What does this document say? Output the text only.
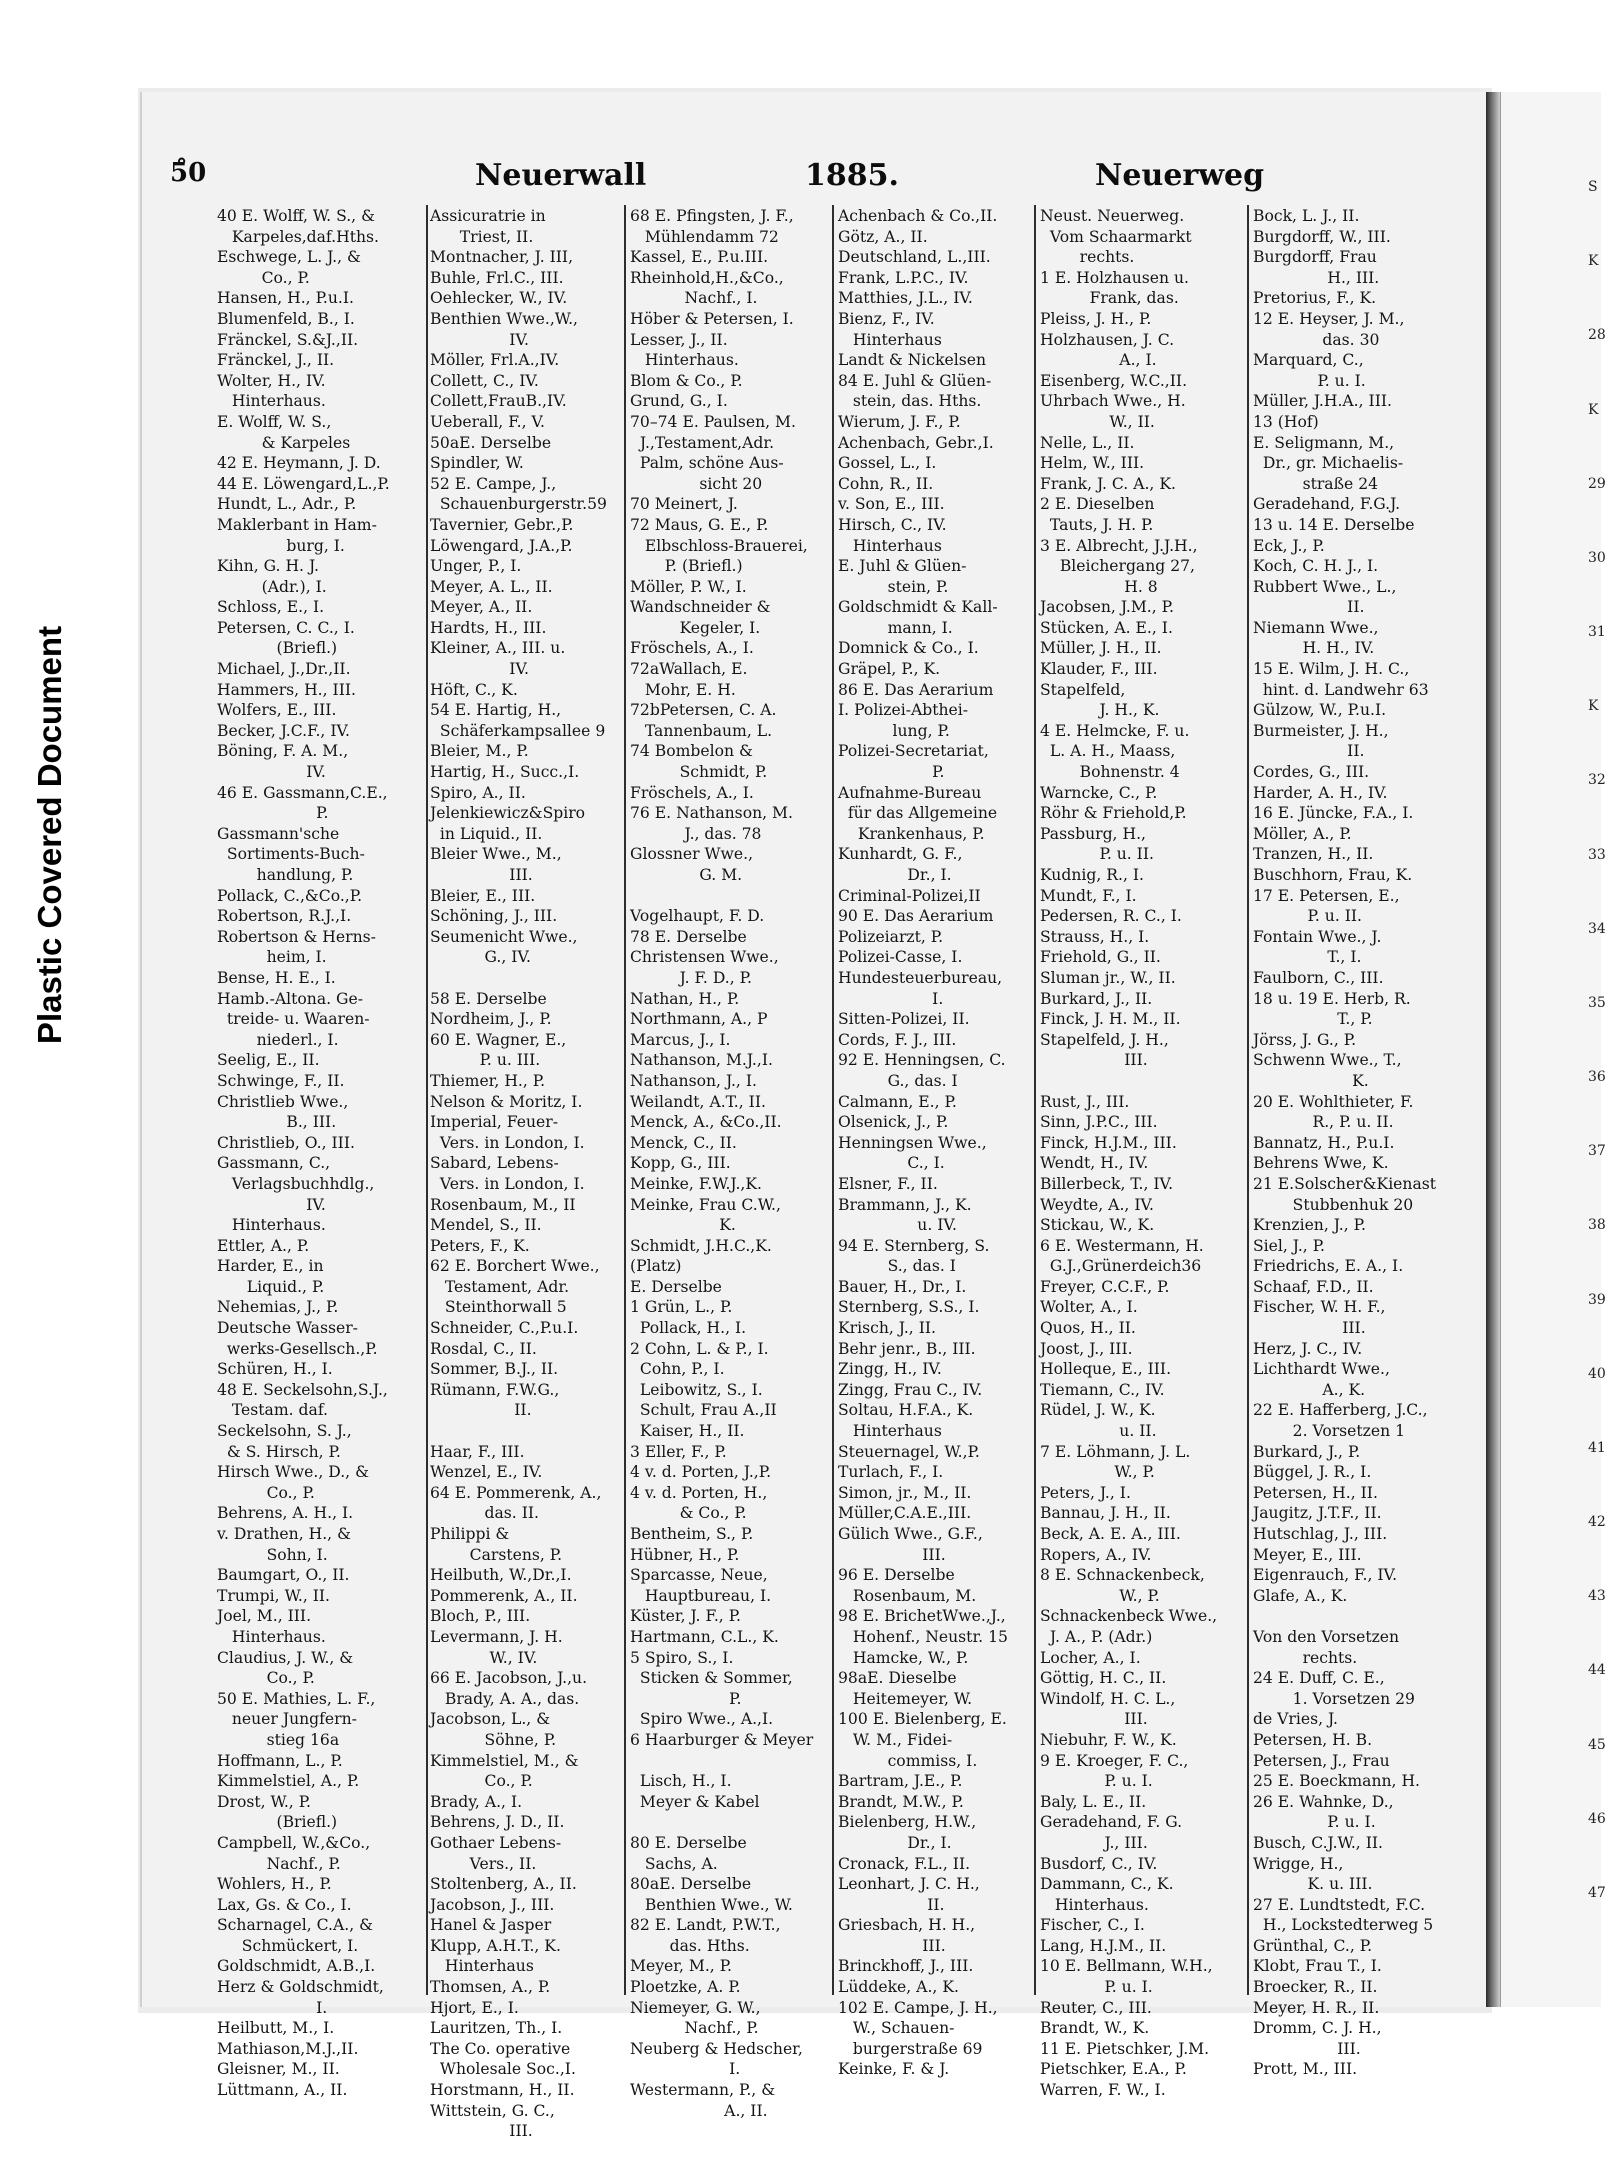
Plastic Covered Document
S
K
28
K
29
30
31
K
32
33
34
35
36
37
38
39
40
41
42
43
44
45
46
47
5̊0	Neuerwall	1885.	Neuerweg
40 E. Wolff, W. S., &
Karpeles,daf.Hths.
Eschwege, L. J., &
Co., P.
Hansen, H., P.u.I.
Blumenfeld, B., I.
Fränckel, S.&J.,II.
Fränckel, J., II.
Wolter, H., IV.
Hinterhaus.
E. Wolff, W. S.,
& Karpeles
42 E. Heymann, J. D.
44 E. Löwengard,L.,P.
Hundt, L., Adr., P.
Maklerbant in Ham-
burg, I.
Kihn, G. H. J.
(Adr.), I.
Schloss, E., I.
Petersen, C. C., I.
(Briefl.)
Michael, J.,Dr.,II.
Hammers, H., III.
Wolfers, E., III.
Becker, J.C.F., IV.
Böning, F. A. M.,
IV.
46 E. Gassmann,C.E.,
P.
Gassmann'sche
Sortiments-Buch-
handlung, P.
Pollack, C.,&Co.,P.
Robertson, R.J.,I.
Robertson & Herns-
heim, I.
Bense, H. E., I.
Hamb.-Altona. Ge-
treide- u. Waaren-
niederl., I.
Seelig, E., II.
Schwinge, F., II.
Christlieb Wwe.,
B., III.
Christlieb, O., III.
Gassmann, C.,
Verlagsbuchhdlg.,
IV.
Hinterhaus.
Ettler, A., P.
Harder, E., in
Liquid., P.
Nehemias, J., P.
Deutsche Wasser-
werks-Gesellsch.,P.
Schüren, H., I.
48 E. Seckelsohn,S.J.,
Testam. daf.
Seckelsohn, S. J.,
& S. Hirsch, P.
Hirsch Wwe., D., &
Co., P.
Behrens, A. H., I.
v. Drathen, H., &
Sohn, I.
Baumgart, O., II.
Trumpi, W., II.
Joel, M., III.
Hinterhaus.
Claudius, J. W., &
Co., P.
50 E. Mathies, L. F.,
neuer Jungfern-
stieg 16a
Hoffmann, L., P.
Kimmelstiel, A., P.
Drost, W., P.
(Briefl.)
Campbell, W.,&Co.,
Nachf., P.
Wohlers, H., P.
Lax, Gs. & Co., I.
Scharnagel, C.A., &
Schmückert, I.
Goldschmidt, A.B.,I.
Herz & Goldschmidt,
I.
Heilbutt, M., I.
Mathiason,M.J.,II.
Gleisner, M., II.
Lüttmann, A., II.
Assicuratrie in
Triest, II.
Montnacher, J. III,
Buhle, Frl.C., III.
Oehlecker, W., IV.
Benthien Wwe.,W.,
IV.
Möller, Frl.A.,IV.
Collett, C., IV.
Collett,FrauB.,IV.
Ueberall, F., V.
50aE. Derselbe
Spindler, W.
52 E. Campe, J.,
Schauenburgerstr.59
Tavernier, Gebr.,P.
Löwengard, J.A.,P.
Unger, P., I.
Meyer, A. L., II.
Meyer, A., II.
Hardts, H., III.
Kleiner, A., III. u.
IV.
Höft, C., K.
54 E. Hartig, H.,
Schäferkampsallee 9
Bleier, M., P.
Hartig, H., Succ.,I.
Spiro, A., II.
Jelenkiewicz&Spiro
in Liquid., II.
Bleier Wwe., M.,
III.
Bleier, E., III.
Schöning, J., III.
Seumenicht Wwe.,
G., IV.
58 E. Derselbe
Nordheim, J., P.
60 E. Wagner, E.,
P. u. III.
Thiemer, H., P.
Nelson & Moritz, I.
Imperial, Feuer-
Vers. in London, I.
Sabard, Lebens-
Vers. in London, I.
Rosenbaum, M., II
Mendel, S., II.
Peters, F., K.
62 E. Borchert Wwe.,
Testament, Adr.
Steinthorwall 5
Schneider, C.,P.u.I.
Rosdal, C., II.
Sommer, B.J., II.
Rümann, F.W.G.,
II.
Haar, F., III.
Wenzel, E., IV.
64 E. Pommerenk, A.,
das. II.
Philippi &
Carstens, P.
Heilbuth, W.,Dr.,I.
Pommerenk, A., II.
Bloch, P., III.
Levermann, J. H.
W., IV.
66 E. Jacobson, J.,u.
Brady, A. A., das.
Jacobson, L., &
Söhne, P.
Kimmelstiel, M., &
Co., P.
Brady, A., I.
Behrens, J. D., II.
Gothaer Lebens-
Vers., II.
Stoltenberg, A., II.
Jacobson, J., III.
Hanel & Jasper
Klupp, A.H.T., K.
Hinterhaus
Thomsen, A., P.
Hjort, E., I.
Lauritzen, Th., I.
The Co. operative
Wholesale Soc.,I.
Horstmann, H., II.
Wittstein, G. C.,
III.
68 E. Pfingsten, J. F.,
Mühlendamm 72
Kassel, E., P.u.III.
Rheinhold,H.,&Co.,
Nachf., I.
Höber & Petersen, I.
Lesser, J., II.
Hinterhaus.
Blom & Co., P.
Grund, G., I.
70–74 E. Paulsen, M.
J.,Testament,Adr.
Palm, schöne Aus-
sicht 20
70 Meinert, J.
72 Maus, G. E., P.
Elbschloss-Brauerei,
P. (Briefl.)
Möller, P. W., I.
Wandschneider &
Kegeler, I.
Fröschels, A., I.
72aWallach, E.
Mohr, E. H.
72bPetersen, C. A.
Tannenbaum, L.
74 Bombelon &
Schmidt, P.
Fröschels, A., I.
76 E. Nathanson, M.
J., das. 78
Glossner Wwe.,
G. M.
Vogelhaupt, F. D.
78 E. Derselbe
Christensen Wwe.,
J. F. D., P.
Nathan, H., P.
Northmann, A., P
Marcus, J., I.
Nathanson, M.J.,I.
Nathanson, J., I.
Weilandt, A.T., II.
Menck, A., &Co.,II.
Menck, C., II.
Kopp, G., III.
Meinke, F.W.J.,K.
Meinke, Frau C.W.,
K.
Schmidt, J.H.C.,K.
(Platz)
E. Derselbe
1 Grün, L., P.
Pollack, H., I.
2 Cohn, L. & P., I.
Cohn, P., I.
Leibowitz, S., I.
Schult, Frau A.,II
Kaiser, H., II.
3 Eller, F., P.
4 v. d. Porten, J.,P.
4 v. d. Porten, H.,
& Co., P.
Bentheim, S., P.
Hübner, H., P.
Sparcasse, Neue,
Hauptbureau, I.
Küster, J. F., P.
Hartmann, C.L., K.
5 Spiro, S., I.
Sticken & Sommer,
P.
Spiro Wwe., A.,I.
6 Haarburger & Meyer
Lisch, H., I.
Meyer & Kabel
80 E. Derselbe
Sachs, A.
80aE. Derselbe
Benthien Wwe., W.
82 E. Landt, P.W.T.,
das. Hths.
Meyer, M., P.
Ploetzke, A. P.
Niemeyer, G. W.,
Nachf., P.
Neuberg & Hedscher,
I.
Westermann, P., &
A., II.
Achenbach & Co.,II.
Götz, A., II.
Deutschland, L.,III.
Frank, L.P.C., IV.
Matthies, J.L., IV.
Bienz, F., IV.
Hinterhaus
Landt & Nickelsen
84 E. Juhl & Glüen-
stein, das. Hths.
Wierum, J. F., P.
Achenbach, Gebr.,I.
Gossel, L., I.
Cohn, R., II.
v. Son, E., III.
Hirsch, C., IV.
Hinterhaus
E. Juhl & Glüen-
stein, P.
Goldschmidt & Kall-
mann, I.
Domnick & Co., I.
Gräpel, P., K.
86 E. Das Aerarium
I. Polizei-Abthei-
lung, P.
Polizei-Secretariat,
P.
Aufnahme-Bureau
für das Allgemeine
Krankenhaus, P.
Kunhardt, G. F.,
Dr., I.
Criminal-Polizei,II
90 E. Das Aerarium
Polizeiarzt, P.
Polizei-Casse, I.
Hundesteuerbureau,
I.
Sitten-Polizei, II.
Cords, F. J., III.
92 E. Henningsen, C.
G., das. I
Calmann, E., P.
Olsenick, J., P.
Henningsen Wwe.,
C., I.
Elsner, F., II.
Brammann, J., K.
u. IV.
94 E. Sternberg, S.
S., das. I
Bauer, H., Dr., I.
Sternberg, S.S., I.
Krisch, J., II.
Behr jenr., B., III.
Zingg, H., IV.
Zingg, Frau C., IV.
Soltau, H.F.A., K.
Hinterhaus
Steuernagel, W.,P.
Turlach, F., I.
Simon, jr., M., II.
Müller,C.A.E.,III.
Gülich Wwe., G.F.,
III.
96 E. Derselbe
Rosenbaum, M.
98 E. BrichetWwe.,J.,
Hohenf., Neustr. 15
Hamcke, W., P.
98aE. Dieselbe
Heitemeyer, W.
100 E. Bielenberg, E.
W. M., Fidei-
commiss, I.
Bartram, J.E., P.
Brandt, M.W., P.
Bielenberg, H.W.,
Dr., I.
Cronack, F.L., II.
Leonhart, J. C. H.,
II.
Griesbach, H. H.,
III.
Brinckhoff, J., III.
Lüddeke, A., K.
102 E. Campe, J. H.,
W., Schauen-
burgerstraße 69
Keinke, F. & J.
Neust. Neuerweg.
Vom Schaarmarkt
rechts.
1 E. Holzhausen u.
Frank, das.
Pleiss, J. H., P.
Holzhausen, J. C.
A., I.
Eisenberg, W.C.,II.
Uhrbach Wwe., H.
W., II.
Nelle, L., II.
Helm, W., III.
Frank, J. C. A., K.
2 E. Dieselben
Tauts, J. H. P.
3 E. Albrecht, J.J.H.,
Bleichergang 27,
H. 8
Jacobsen, J.M., P.
Stücken, A. E., I.
Müller, J. H., II.
Klauder, F., III.
Stapelfeld,
J. H., K.
4 E. Helmcke, F. u.
L. A. H., Maass,
Bohnenstr. 4
Warncke, C., P.
Röhr & Friehold,P.
Passburg, H.,
P. u. II.
Kudnig, R., I.
Mundt, F., I.
Pedersen, R. C., I.
Strauss, H., I.
Friehold, G., II.
Sluman jr., W., II.
Burkard, J., II.
Finck, J. H. M., II.
Stapelfeld, J. H.,
III.
Rust, J., III.
Sinn, J.P.C., III.
Finck, H.J.M., III.
Wendt, H., IV.
Billerbeck, T., IV.
Weydte, A., IV.
Stickau, W., K.
6 E. Westermann, H.
G.J.,Grünerdeich36
Freyer, C.C.F., P.
Wolter, A., I.
Quos, H., II.
Joost, J., III.
Holleque, E., III.
Tiemann, C., IV.
Rüdel, J. W., K.
u. II.
7 E. Löhmann, J. L.
W., P.
Peters, J., I.
Bannau, J. H., II.
Beck, A. E. A., III.
Ropers, A., IV.
8 E. Schnackenbeck,
W., P.
Schnackenbeck Wwe.,
J. A., P. (Adr.)
Locher, A., I.
Göttig, H. C., II.
Windolf, H. C. L.,
III.
Niebuhr, F. W., K.
9 E. Kroeger, F. C.,
P. u. I.
Baly, L. E., II.
Geradehand, F. G.
J., III.
Busdorf, C., IV.
Dammann, C., K.
Hinterhaus.
Fischer, C., I.
Lang, H.J.M., II.
10 E. Bellmann, W.H.,
P. u. I.
Reuter, C., III.
Brandt, W., K.
11 E. Pietschker, J.M.
Pietschker, E.A., P.
Warren, F. W., I.
Bock, L. J., II.
Burgdorff, W., III.
Burgdorff, Frau
H., III.
Pretorius, F., K.
12 E. Heyser, J. M.,
das. 30
Marquard, C.,
P. u. I.
Müller, J.H.A., III.
13 (Hof)
E. Seligmann, M.,
Dr., gr. Michaelis-
straße 24
Geradehand, F.G.J.
13 u. 14 E. Derselbe
Eck, J., P.
Koch, C. H. J., I.
Rubbert Wwe., L.,
II.
Niemann Wwe.,
H. H., IV.
15 E. Wilm, J. H. C.,
hint. d. Landwehr 63
Gülzow, W., P.u.I.
Burmeister, J. H.,
II.
Cordes, G., III.
Harder, A. H., IV.
16 E. Jüncke, F.A., I.
Möller, A., P.
Tranzen, H., II.
Buschhorn, Frau, K.
17 E. Petersen, E.,
P. u. II.
Fontain Wwe., J.
T., I.
Faulborn, C., III.
18 u. 19 E. Herb, R.
T., P.
Jörss, J. G., P.
Schwenn Wwe., T.,
K.
20 E. Wohlthieter, F.
R., P. u. II.
Bannatz, H., P.u.I.
Behrens Wwe, K.
21 E.Solscher&Kienast
Stubbenhuk 20
Krenzien, J., P.
Siel, J., P.
Friedrichs, E. A., I.
Schaaf, F.D., II.
Fischer, W. H. F.,
III.
Herz, J. C., IV.
Lichthardt Wwe.,
A., K.
22 E. Hafferberg, J.C.,
2. Vorsetzen 1
Burkard, J., P.
Büggel, J. R., I.
Petersen, H., II.
Jaugitz, J.T.F., II.
Hutschlag, J., III.
Meyer, E., III.
Eigenrauch, F., IV.
Glafe, A., K.
Von den Vorsetzen
rechts.
24 E. Duff, C. E.,
1. Vorsetzen 29
de Vries, J.
Petersen, H. B.
Petersen, J., Frau
25 E. Boeckmann, H.
26 E. Wahnke, D.,
P. u. I.
Busch, C.J.W., II.
Wrigge, H.,
K. u. III.
27 E. Lundtstedt, F.C.
H., Lockstedterweg 5
Grünthal, C., P.
Klobt, Frau T., I.
Broecker, R., II.
Meyer, H. R., II.
Dromm, C. J. H.,
III.
Prott, M., III.
